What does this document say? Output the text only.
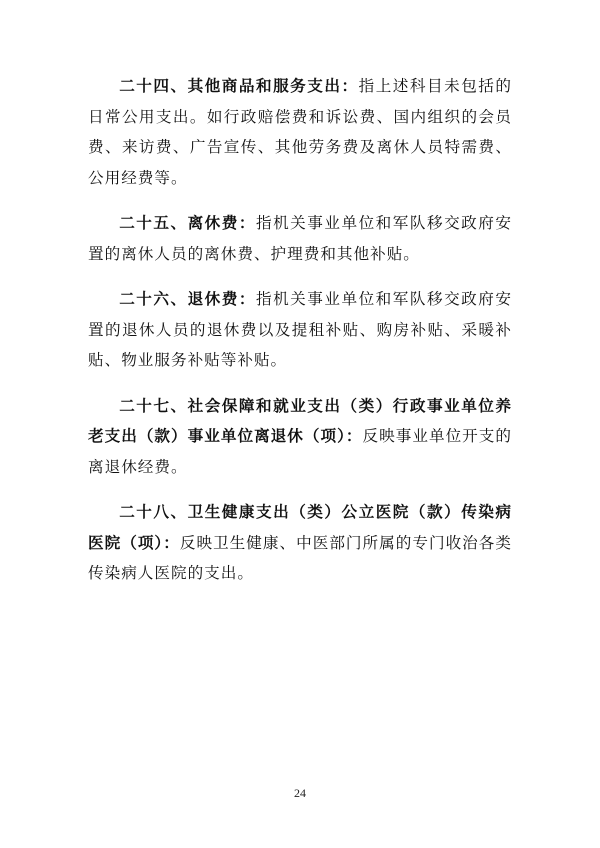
二十四、其他商品和服务支出：指上述科目未包括的日常公用支出。如行政赔偿费和诉讼费、国内组织的会员费、来访费、广告宣传、其他劳务费及离休人员特需费、公用经费等。

二十五、离休费：指机关事业单位和军队移交政府安置的离休人员的离休费、护理费和其他补贴。

二十六、退休费：指机关事业单位和军队移交政府安置的退休人员的退休费以及提租补贴、购房补贴、采暖补贴、物业服务补贴等补贴。

二十七、社会保障和就业支出（类）行政事业单位养老支出（款）事业单位离退休（项）：反映事业单位开支的离退休经费。

二十八、卫生健康支出（类）公立医院（款）传染病医院（项）：反映卫生健康、中医部门所属的专门收治各类传染病人医院的支出。

24
